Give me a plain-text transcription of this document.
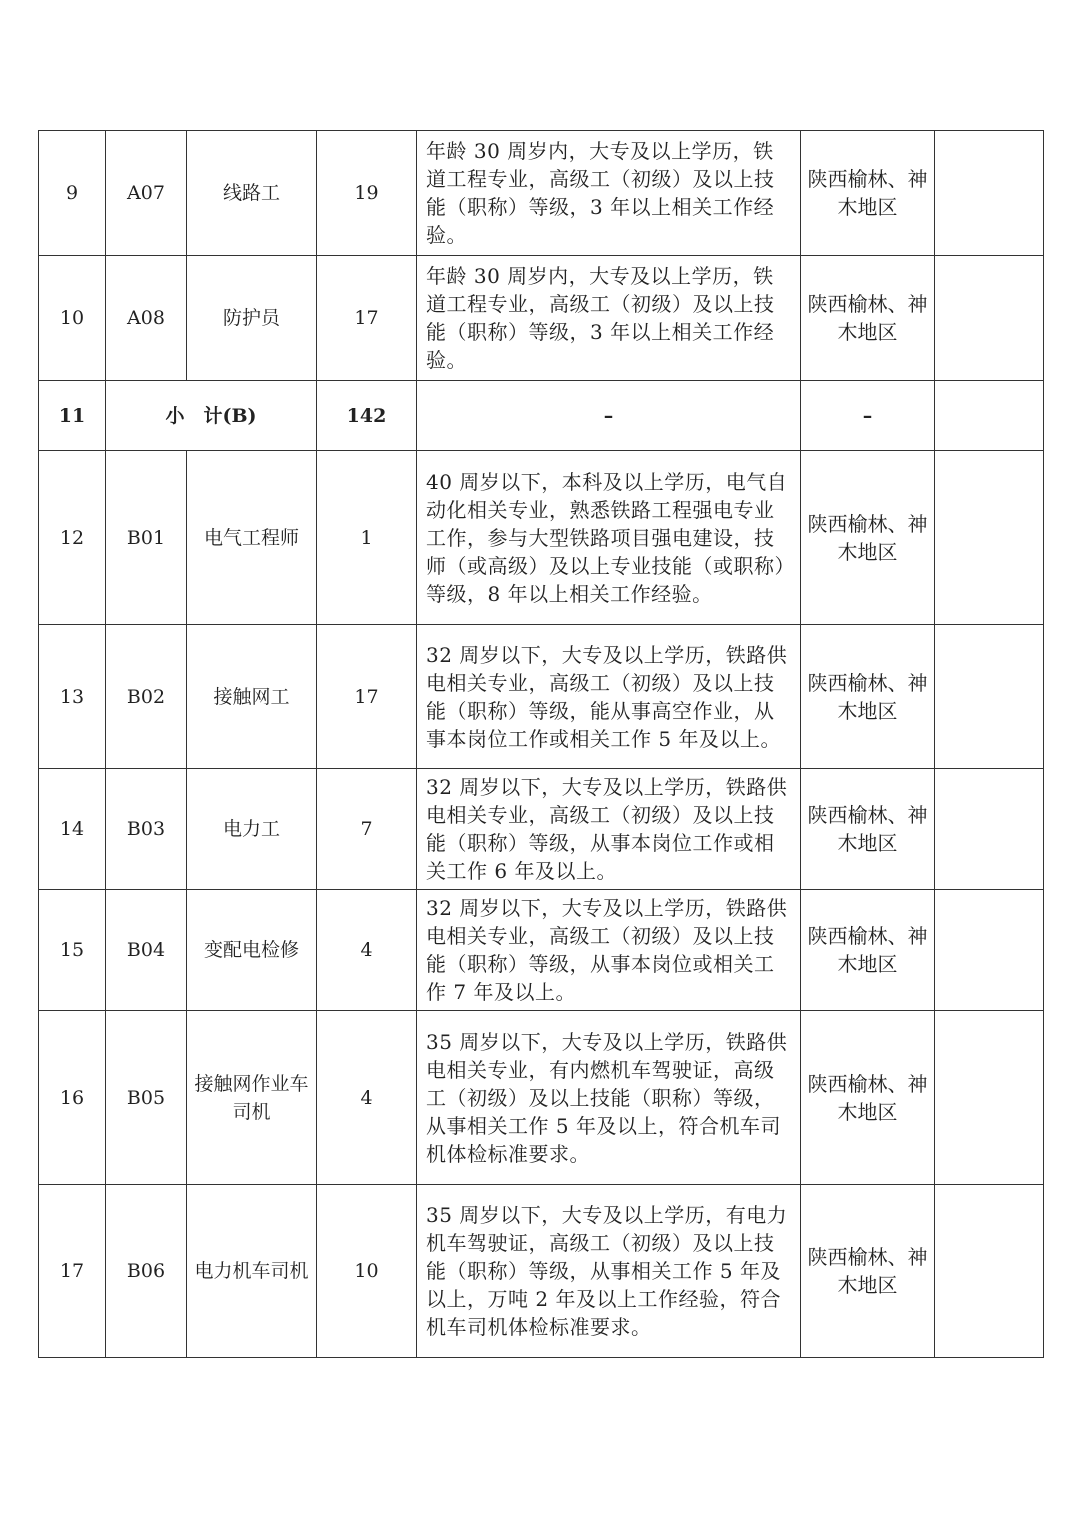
9	A07	线路工	19	年龄 30 周岁内，大专及以上学历，铁道工程专业，高级工（初级）及以上技能（职称）等级，3 年以上相关工作经验。	陕西榆林、神木地区	
10	A08	防护员	17	年龄 30 周岁内，大专及以上学历，铁道工程专业，高级工（初级）及以上技能（职称）等级，3 年以上相关工作经验。	陕西榆林、神木地区	
11	小　计(B)		142	–	–	
12	B01	电气工程师	1	40 周岁以下，本科及以上学历，电气自动化相关专业，熟悉铁路工程强电专业工作，参与大型铁路项目强电建设，技师（或高级）及以上专业技能（或职称）等级，8 年以上相关工作经验。	陕西榆林、神木地区	
13	B02	接触网工	17	32 周岁以下，大专及以上学历，铁路供电相关专业，高级工（初级）及以上技能（职称）等级，能从事高空作业，从事本岗位工作或相关工作 5 年及以上。	陕西榆林、神木地区	
14	B03	电力工	7	32 周岁以下，大专及以上学历，铁路供电相关专业，高级工（初级）及以上技能（职称）等级，从事本岗位工作或相关工作 6 年及以上。	陕西榆林、神木地区	
15	B04	变配电检修	4	32 周岁以下，大专及以上学历，铁路供电相关专业，高级工（初级）及以上技能（职称）等级，从事本岗位或相关工作 7 年及以上。	陕西榆林、神木地区	
16	B05	接触网作业车司机	4	35 周岁以下，大专及以上学历，铁路供电相关专业，有内燃机车驾驶证，高级工（初级）及以上技能（职称）等级，从事相关工作 5 年及以上，符合机车司机体检标准要求。	陕西榆林、神木地区	
17	B06	电力机车司机	10	35 周岁以下，大专及以上学历，有电力机车驾驶证，高级工（初级）及以上技能（职称）等级，从事相关工作 5 年及以上，万吨 2 年及以上工作经验，符合机车司机体检标准要求。	陕西榆林、神木地区	
